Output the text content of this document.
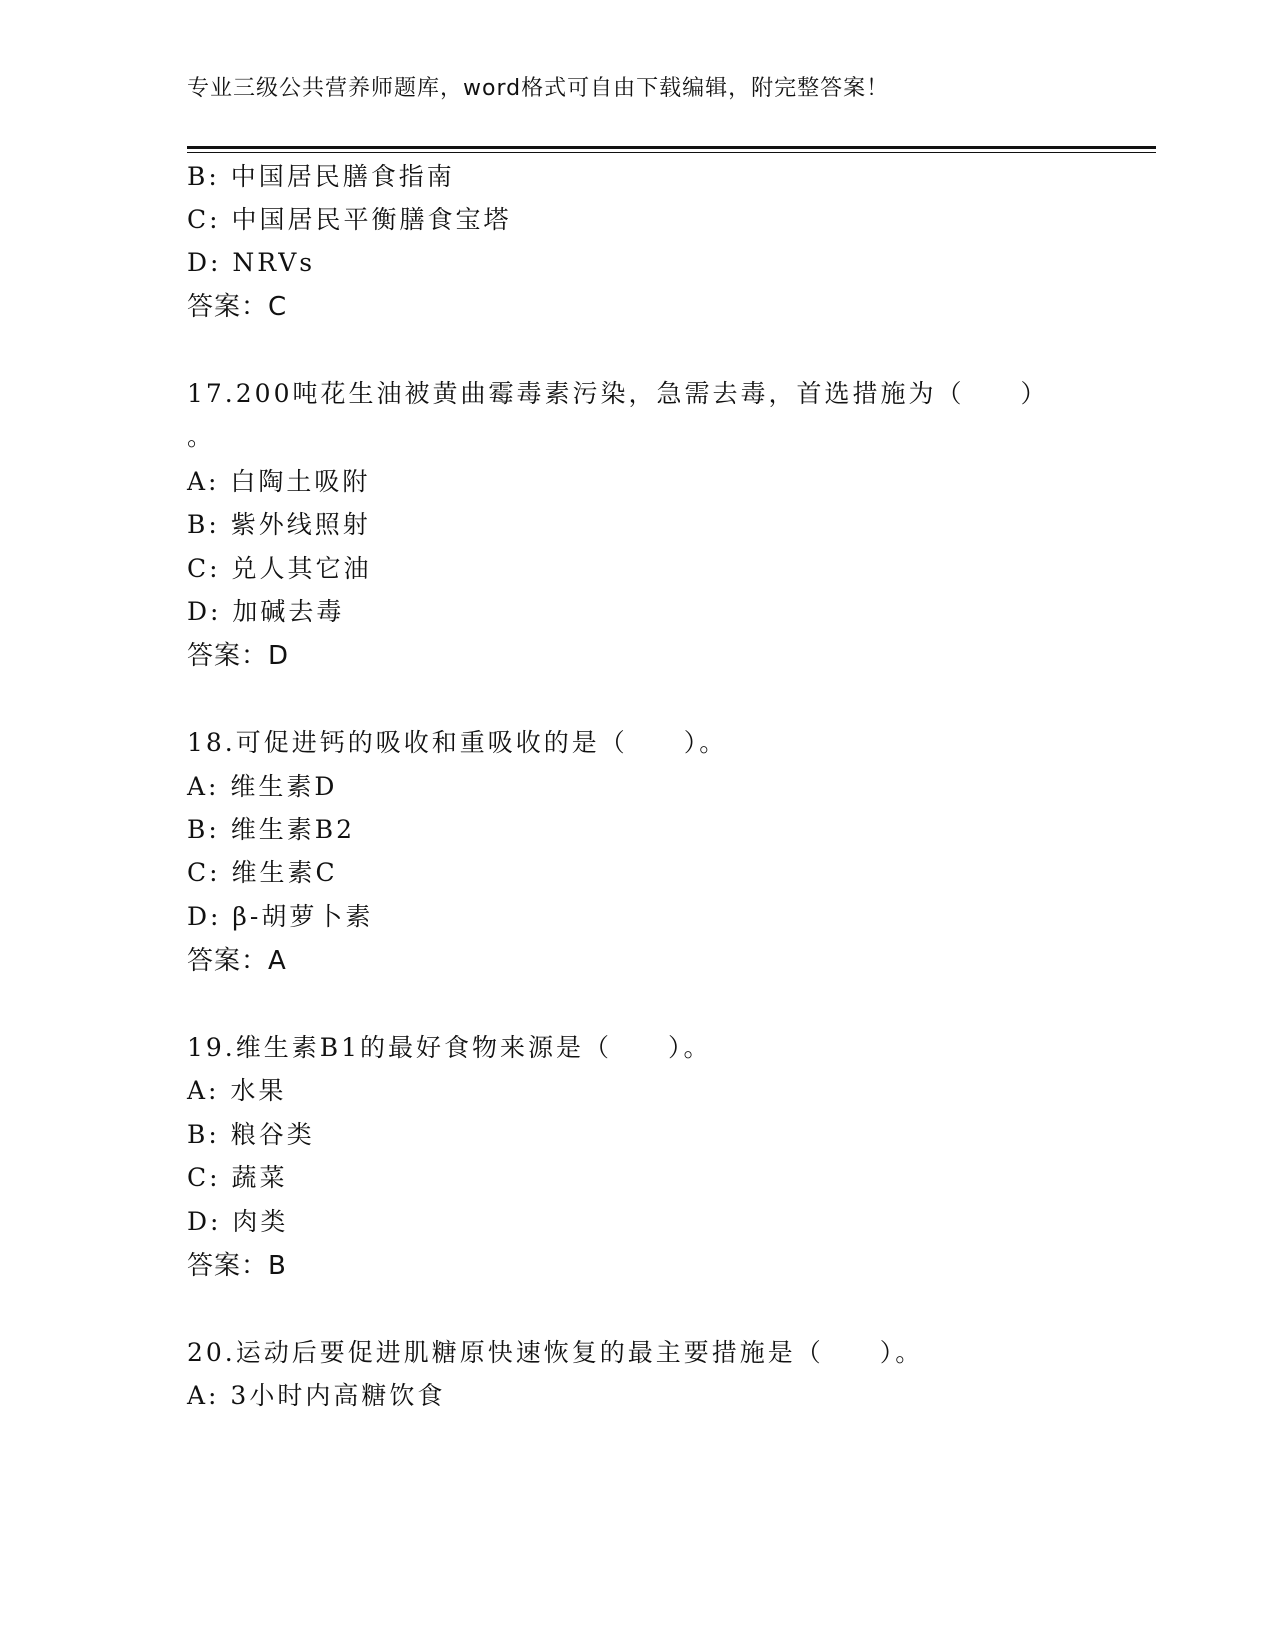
专业三级公共营养师题库，word格式可自由下载编辑，附完整答案！
B: 中国居民膳食指南
C: 中国居民平衡膳食宝塔
D: NRVs
答案：C
17.200吨花生油被黄曲霉毒素污染，急需去毒，首选措施为（　　）
。
A: 白陶土吸附
B: 紫外线照射
C: 兑人其它油
D: 加碱去毒
答案：D
18.可促进钙的吸收和重吸收的是（　　）。
A: 维生素D
B: 维生素B2
C: 维生素C
D: β-胡萝卜素
答案：A
19.维生素B1的最好食物来源是（　　）。
A: 水果
B: 粮谷类
C: 蔬菜
D: 肉类
答案：B
20.运动后要促进肌糖原快速恢复的最主要措施是（　　）。
A: 3小时内高糖饮食
